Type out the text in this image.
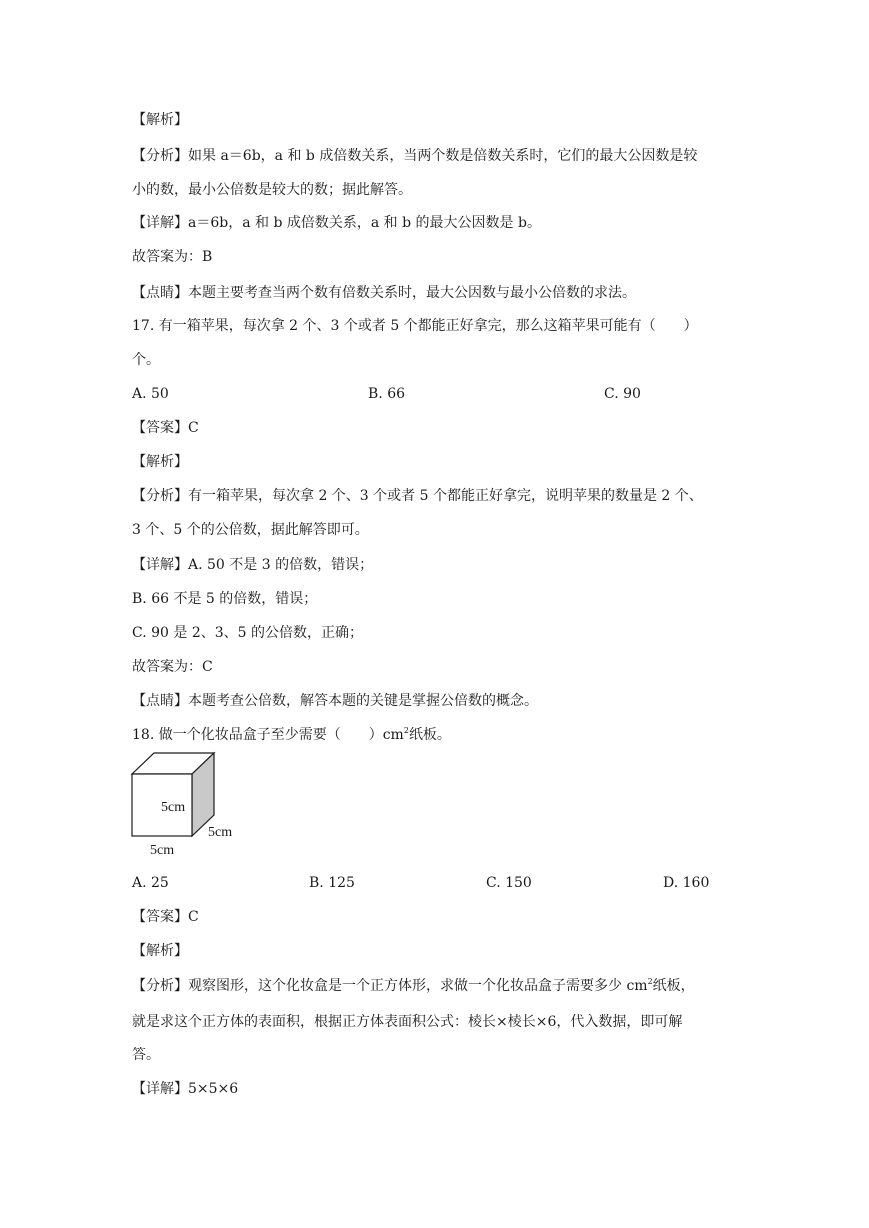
【解析】
【分析】如果 a＝6b，a 和 b 成倍数关系，当两个数是倍数关系时，它们的最大公因数是较
小的数，最小公倍数是较大的数；据此解答。
【详解】a＝6b，a 和 b 成倍数关系，a 和 b 的最大公因数是 b。
故答案为：B
【点睛】本题主要考查当两个数有倍数关系时，最大公因数与最小公倍数的求法。
17. 有一箱苹果，每次拿 2 个、3 个或者 5 个都能正好拿完，那么这箱苹果可能有（　　）
个。
A. 50	B. 66	C. 90
【答案】C
【解析】
【分析】有一箱苹果，每次拿 2 个、3 个或者 5 个都能正好拿完，说明苹果的数量是 2 个、
3 个、5 个的公倍数，据此解答即可。
【详解】A. 50 不是 3 的倍数，错误；
B. 66 不是 5 的倍数，错误；
C. 90 是 2、3、5 的公倍数，正确；
故答案为：C
【点睛】本题考查公倍数，解答本题的关键是掌握公倍数的概念。
18. 做一个化妆品盒子至少需要（　　）$cm^2$纸板。
5cm
5cm
5cm
A. 25	B. 125	C. 150	D. 160
【答案】C
【解析】
【分析】观察图形，这个化妆盒是一个正方体形，求做一个化妆品盒子需要多少 $cm^2$纸板，
就是求这个正方体的表面积，根据正方体表面积公式：棱长×棱长×6，代入数据，即可解
答。
【详解】5×5×6
